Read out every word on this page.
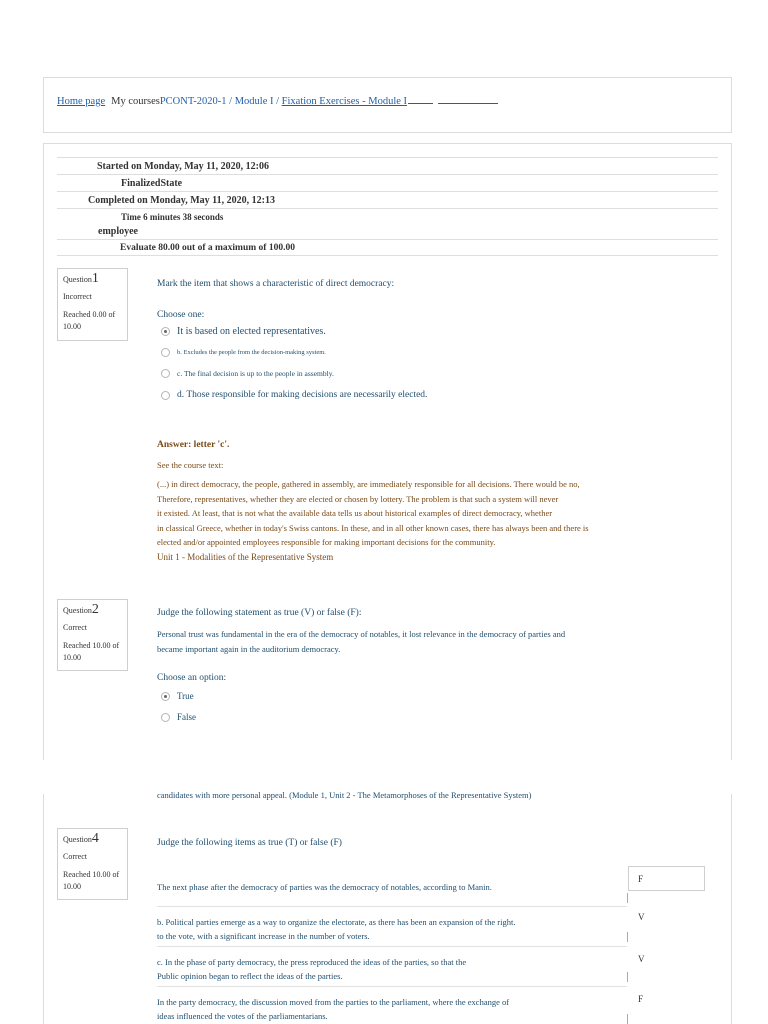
Home page My coursesPCONT-2020-1 / Module I / Fixation Exercises - Module I
Started on Monday, May 11, 2020, 12:06
FinalizedState
Completed on Monday, May 11, 2020, 12:13
Time 6 minutes 38 seconds
employee
Evaluate 80.00 out of a maximum of 100.00
Question1
Incorrect
Reached 0.00 of 10.00
Mark the item that shows a characteristic of direct democracy:
Choose one:
It is based on elected representatives.
b. Excludes the people from the decision-making system.
c. The final decision is up to the people in assembly.
d. Those responsible for making decisions are necessarily elected.
Answer: letter 'c'.
See the course text:
(...) in direct democracy, the people, gathered in assembly, are immediately responsible for all decisions. There would be no,
Therefore, representatives, whether they are elected or chosen by lottery. The problem is that such a system will never
it existed. At least, that is not what the available data tells us about historical examples of direct democracy, whether
in classical Greece, whether in today's Swiss cantons. In these, and in all other known cases, there has always been and there is
elected and/or appointed employees responsible for making important decisions for the community.
Unit 1 - Modalities of the Representative System
Question2
Correct
Reached 10.00 of 10.00
Judge the following statement as true (V) or false (F):
Personal trust was fundamental in the era of the democracy of notables, it lost relevance in the democracy of parties and
became important again in the auditorium democracy.
Choose an option:
True
False
candidates with more personal appeal. (Module 1, Unit 2 - The Metamorphoses of the Representative System)
Question4
Correct
Reached 10.00 of 10.00
Judge the following items as true (T) or false (F)
The next phase after the democracy of parties was the democracy of notables, according to Manin.
F
b. Political parties emerge as a way to organize the electorate, as there has been an expansion of the right.
to the vote, with a significant increase in the number of voters.
V
c. In the phase of party democracy, the press reproduced the ideas of the parties, so that the
Public opinion began to reflect the ideas of the parties.
V
In the party democracy, the discussion moved from the parties to the parliament, where the exchange of
ideas influenced the votes of the parliamentarians.
F
